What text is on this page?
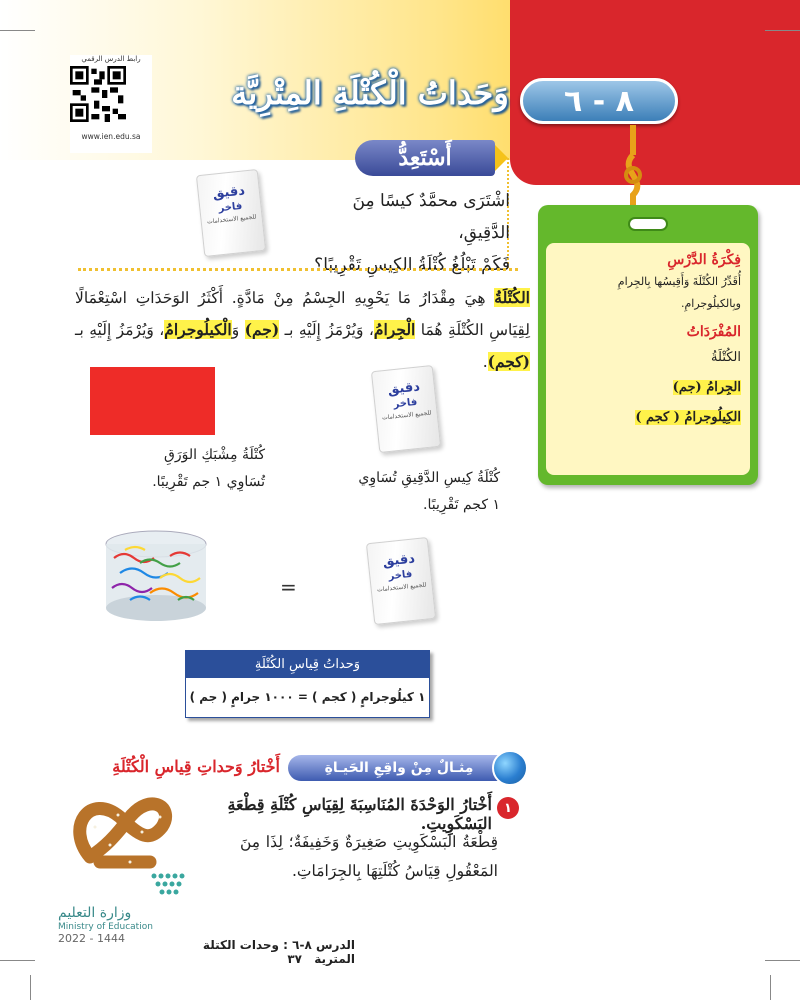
٨ - ٦
وَحَداتُ الْكُتْلَةِ المِتْرِيَّة
رابط الدرس الرقمي
www.ien.edu.sa
أَسْتَعِدُّ
اشْتَرَى محمَّدٌ كيسًا مِنَ الدَّقِيقِ،
فَكَمْ تَبْلُغُ كُتْلَةُ الكِيسِ تَقْرِيبًا؟
دقيق
فاخر
للجميع الاستخدامات
الكُتْلَةُ هِيَ مِقْدَارُ مَا يَحْوِيهِ الجِسْمُ مِنْ مَادَّةٍ. أَكْثَرُ الوَحَدَاتِ اسْتِعْمَالًا لِقِيَاسِ الكُتْلَةِ هُمَا الْجِرامُ، وَيُرْمَزُ إِلَيْهِ بـ (جم) وَالْكيلُوجرامُ، وَيُرْمَزُ إِلَيْهِ بـ (كجم).
دقيق
فاخر
للجميع الاستخدامات
كُتْلَةُ مِشْبَكِ الوَرَقِ
تُسَاوِي ١ جم تَقْرِيبًا.	كُتْلَةُ كِيسِ الدَّقِيقِ تُسَاوِي
١ كجم تَقْرِيبًا.
دقيق
فاخر
للجميع الاستخدامات
=
وَحداتُ قِياسِ الكُتْلَةِ
١ كيلُوجرامٍ ( كجم ) = ١٠٠٠ جرامٍ ( جم )
فِكْرَةُ الدَّرْسِ
أُقَدِّرُ الكُتْلَةَ وَأَقِيسُها بِالجِرامِ وبِالكيلُوجرامِ.
المُفْرَدَاتُ
الكُتْلَةُ
الجِرامُ (جم)
الكِيلُوجرامُ ( كجم )
مِثـالٌ مِنْ واقِعِ الحَيـاةِ
أَخْتارُ وَحداتِ قِياسِ الْكُتْلَةِ
١
أَخْتارُ الوَحْدَةَ المُنَاسِبَةَ لِقِيَاسِ كُتْلَةِ قِطْعَةِ البَسْكَوِيتِ.
قِطْعَةُ البَسْكَوِيتِ صَغِيرَةٌ وَخَفِيفَةٌ؛ لِذَا مِنَ المَعْقُولِ قِيَاسُ كُتْلَتِهَا بِالجِرَامَاتِ.
وزارة التعليم
Ministry of Education
2022 - 1444	الدرس ٨-٦ : وحدات الكتلة المترية ٣٧
